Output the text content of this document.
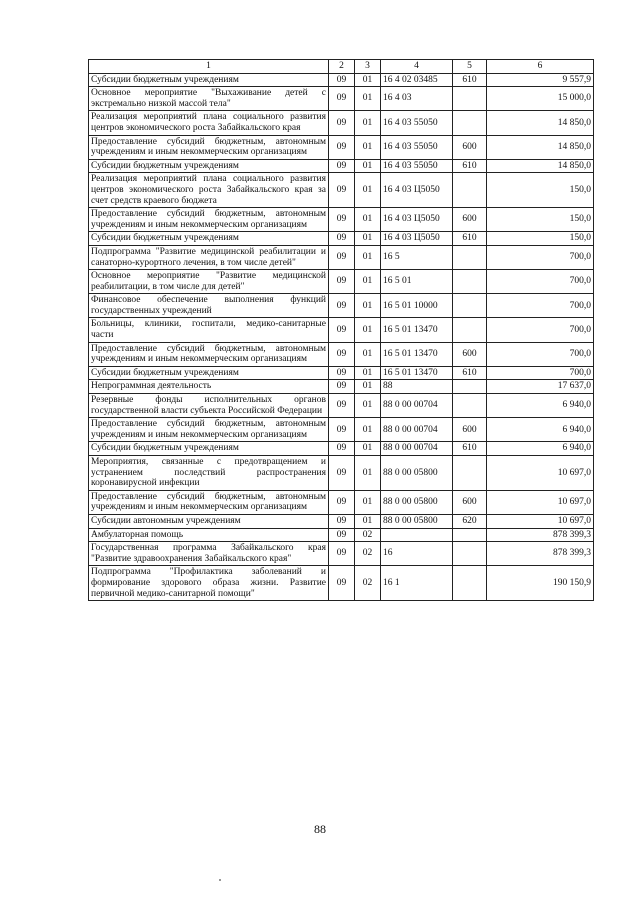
1	2	3	4	5	6
Субсидии бюджетным учреждениям	09	01	16 4 02 03485	610	9 557,9
Основное мероприятие "Выхаживание детей с экстремально низкой массой тела"	09	01	16 4 03		15 000,0
Реализация мероприятий плана социального развития центров экономического роста Забайкальского края	09	01	16 4 03 55050		14 850,0
Предоставление субсидий бюджетным, автономным учреждениям и иным некоммерческим организациям	09	01	16 4 03 55050	600	14 850,0
Субсидии бюджетным учреждениям	09	01	16 4 03 55050	610	14 850,0
Реализация мероприятий плана социального развития центров экономического роста Забайкальского края за счет средств краевого бюджета	09	01	16 4 03 Ц5050		150,0
Предоставление субсидий бюджетным, автономным учреждениям и иным некоммерческим организациям	09	01	16 4 03 Ц5050	600	150,0
Субсидии бюджетным учреждениям	09	01	16 4 03 Ц5050	610	150,0
Подпрограмма "Развитие медицинской реабилитации и санаторно-курортного лечения, в том числе детей"	09	01	16 5		700,0
Основное мероприятие "Развитие медицинской реабилитации, в том числе для детей"	09	01	16 5 01		700,0
Финансовое обеспечение выполнения функций государственных учреждений	09	01	16 5 01 10000		700,0
Больницы, клиники, госпитали, медико-санитарные части	09	01	16 5 01 13470		700,0
Предоставление субсидий бюджетным, автономным учреждениям и иным некоммерческим организациям	09	01	16 5 01 13470	600	700,0
Субсидии бюджетным учреждениям	09	01	16 5 01 13470	610	700,0
Непрограммная деятельность	09	01	88		17 637,0
Резервные фонды исполнительных органов государственной власти субъекта Российской Федерации	09	01	88 0 00 00704		6 940,0
Предоставление субсидий бюджетным, автономным учреждениям и иным некоммерческим организациям	09	01	88 0 00 00704	600	6 940,0
Субсидии бюджетным учреждениям	09	01	88 0 00 00704	610	6 940,0
Мероприятия, связанные с предотвращением и устранением последствий распространения коронавирусной инфекции	09	01	88 0 00 05800		10 697,0
Предоставление субсидий бюджетным, автономным учреждениям и иным некоммерческим организациям	09	01	88 0 00 05800	600	10 697,0
Субсидии автономным учреждениям	09	01	88 0 00 05800	620	10 697,0
Амбулаторная помощь	09	02			878 399,3
Государственная программа Забайкальского края "Развитие здравоохранения Забайкальского края"	09	02	16		878 399,3
Подпрограмма "Профилактика заболеваний и формирование здорового образа жизни. Развитие первичной медико-санитарной помощи"	09	02	16 1		190 150,9
88
